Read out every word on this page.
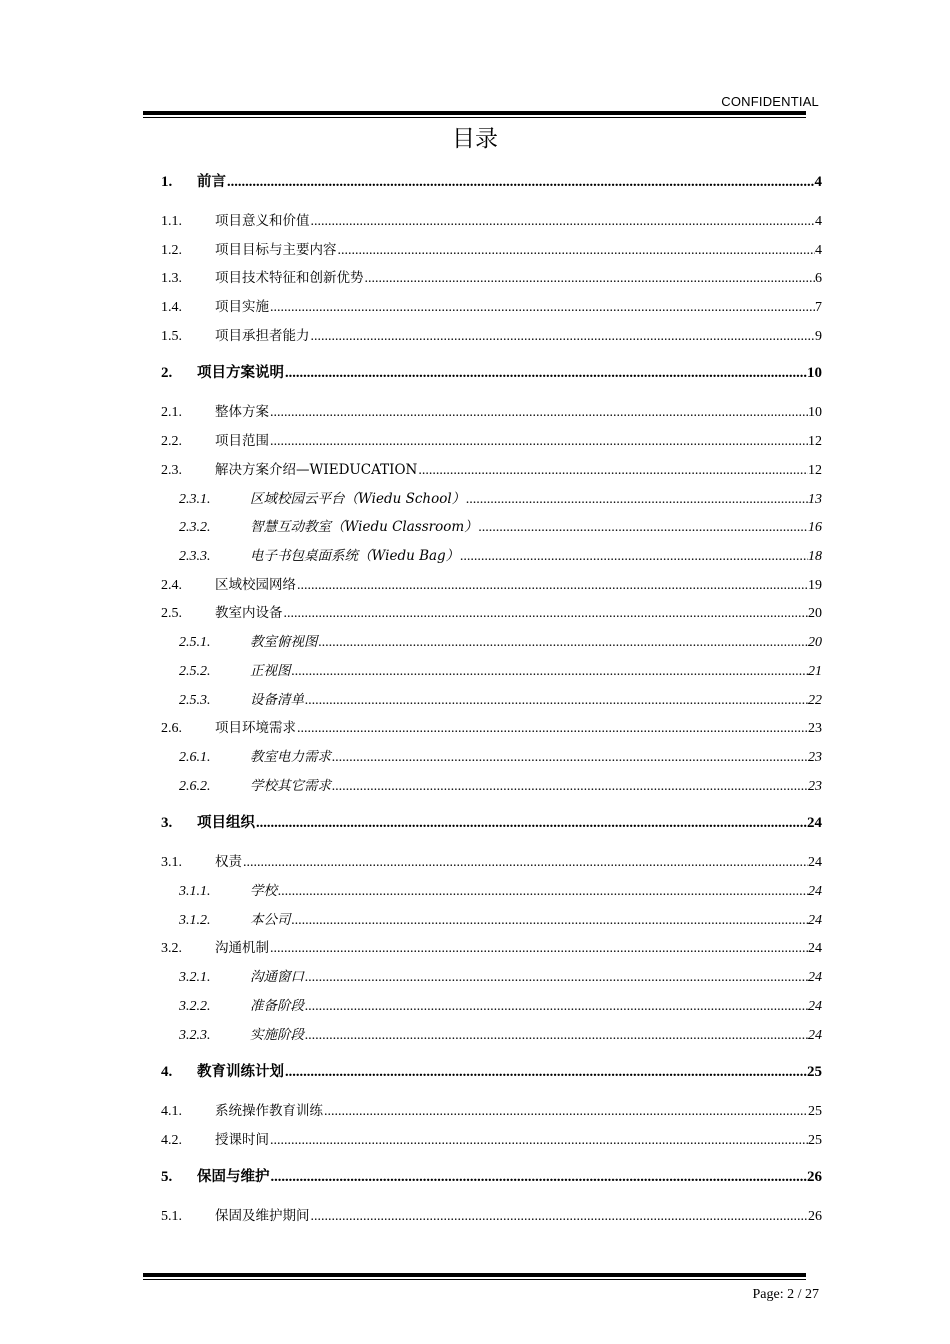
CONFIDENTIAL
目录
1.	前言 .....	4
1.1.	项目意义和价值 .....	4
1.2.	项目目标与主要内容 .....	4
1.3.	项目技术特征和创新优势 .....	6
1.4.	项目实施 .....	7
1.5.	项目承担者能力 .....	9
2.	项目方案说明 .....	10
2.1.	整体方案 .....	10
2.2.	项目范围 .....	12
2.3.	解决方案介绍—WIEDUCATION .....	12
2.3.1.	区域校园云平台（Wiedu School） .....	13
2.3.2.	智慧互动教室（Wiedu Classroom） .....	16
2.3.3.	电子书包桌面系统（Wiedu Bag） .....	18
2.4.	区域校园网络 .....	19
2.5.	教室内设备 .....	20
2.5.1.	教室俯视图 .....	20
2.5.2.	正视图 .....	21
2.5.3.	设备清单 .....	22
2.6.	项目环境需求 .....	23
2.6.1.	教室电力需求 .....	23
2.6.2.	学校其它需求 .....	23
3.	项目组织 .....	24
3.1.	权责 .....	24
3.1.1.	学校 .....	24
3.1.2.	本公司 .....	24
3.2.	沟通机制 .....	24
3.2.1.	沟通窗口 .....	24
3.2.2.	准备阶段 .....	24
3.2.3.	实施阶段 .....	24
4.	教育训练计划 .....	25
4.1.	系统操作教育训练 .....	25
4.2.	授课时间 .....	25
5.	保固与维护 .....	26
5.1.	保固及维护期间 .....	26
Page: 2 / 27
